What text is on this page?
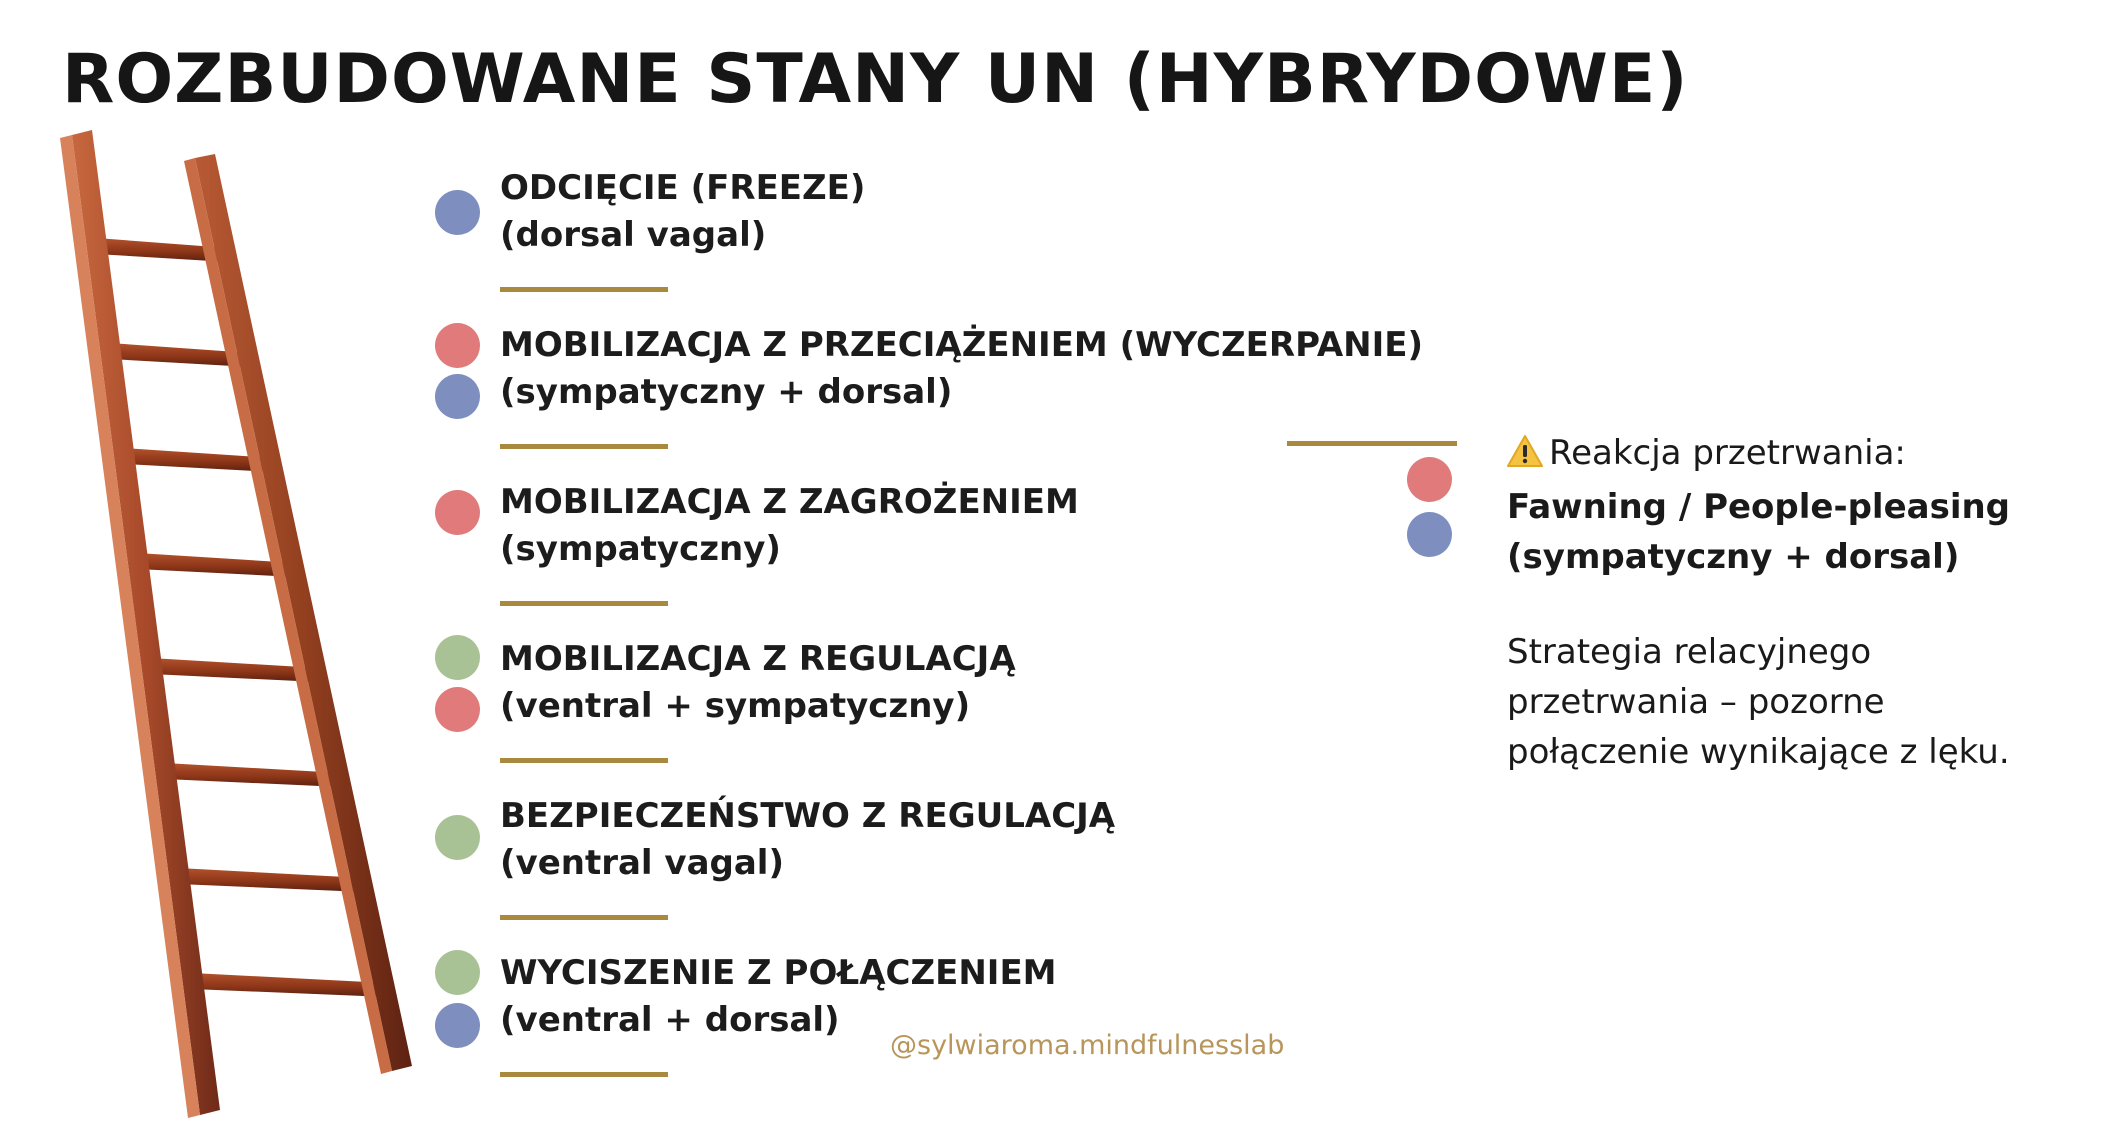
ROZBUDOWANE STANY UN (HYBRYDOWE)
ODCIĘCIE (FREEZE)
(dorsal vagal)
MOBILIZACJA Z PRZECIĄŻENIEM (WYCZERPANIE)
(sympatyczny + dorsal)
MOBILIZACJA Z ZAGROŻENIEM
(sympatyczny)
MOBILIZACJA Z REGULACJĄ
(ventral + sympatyczny)
BEZPIECZEŃSTWO Z REGULACJĄ
(ventral vagal)
WYCISZENIE Z POŁĄCZENIEM
(ventral + dorsal)
Reakcja przetrwania:
Fawning / People-pleasing
(sympatyczny + dorsal)
Strategia relacyjnego
przetrwania – pozorne
połączenie wynikające z lęku.
@sylwiaroma.mindfulnesslab
